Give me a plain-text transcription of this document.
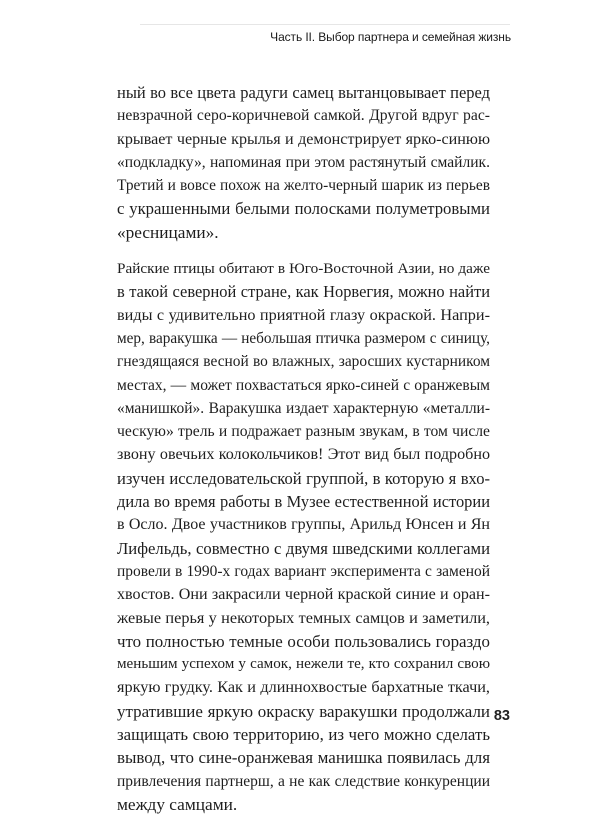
Часть II. Выбор партнера и семейная жизнь
ный во все цвета радуги самец вытанцовывает перед
невзрачной серо-коричневой самкой. Другой вдруг рас-
крывает черные крылья и демонстрирует ярко-синюю
«подкладку», напоминая при этом растянутый смайлик.
Третий и вовсе похож на желто-черный шарик из перьев
с украшенными белыми полосками полуметровыми
«ресницами».
Райские птицы обитают в Юго-Восточной Азии, но даже
в такой северной стране, как Норвегия, можно найти
виды с удивительно приятной глазу окраской. Напри-
мер, варакушка — небольшая птичка размером с синицу,
гнездящаяся весной во влажных, заросших кустарником
местах, — может похвастаться ярко-синей с оранжевым
«манишкой». Варакушка издает характерную «металли-
ческую» трель и подражает разным звукам, в том числе
звону овечьих колокольчиков! Этот вид был подробно
изучен исследовательской группой, в которую я вхо-
дила во время работы в Музее естественной истории
в Осло. Двое участников группы, Арильд Юнсен и Ян
Лифельдь, совместно с двумя шведскими коллегами
провели в 1990-х годах вариант эксперимента с заменой
хвостов. Они закрасили черной краской синие и оран-
жевые перья у некоторых темных самцов и заметили,
что полностью темные особи пользовались гораздо
меньшим успехом у самок, нежели те, кто сохранил свою
яркую грудку. Как и длиннохвостые бархатные ткачи,
утратившие яркую окраску варакушки продолжали
защищать свою территорию, из чего можно сделать
вывод, что сине-оранжевая манишка появилась для
привлечения партнерш, а не как следствие конкуренции
между самцами.
83
